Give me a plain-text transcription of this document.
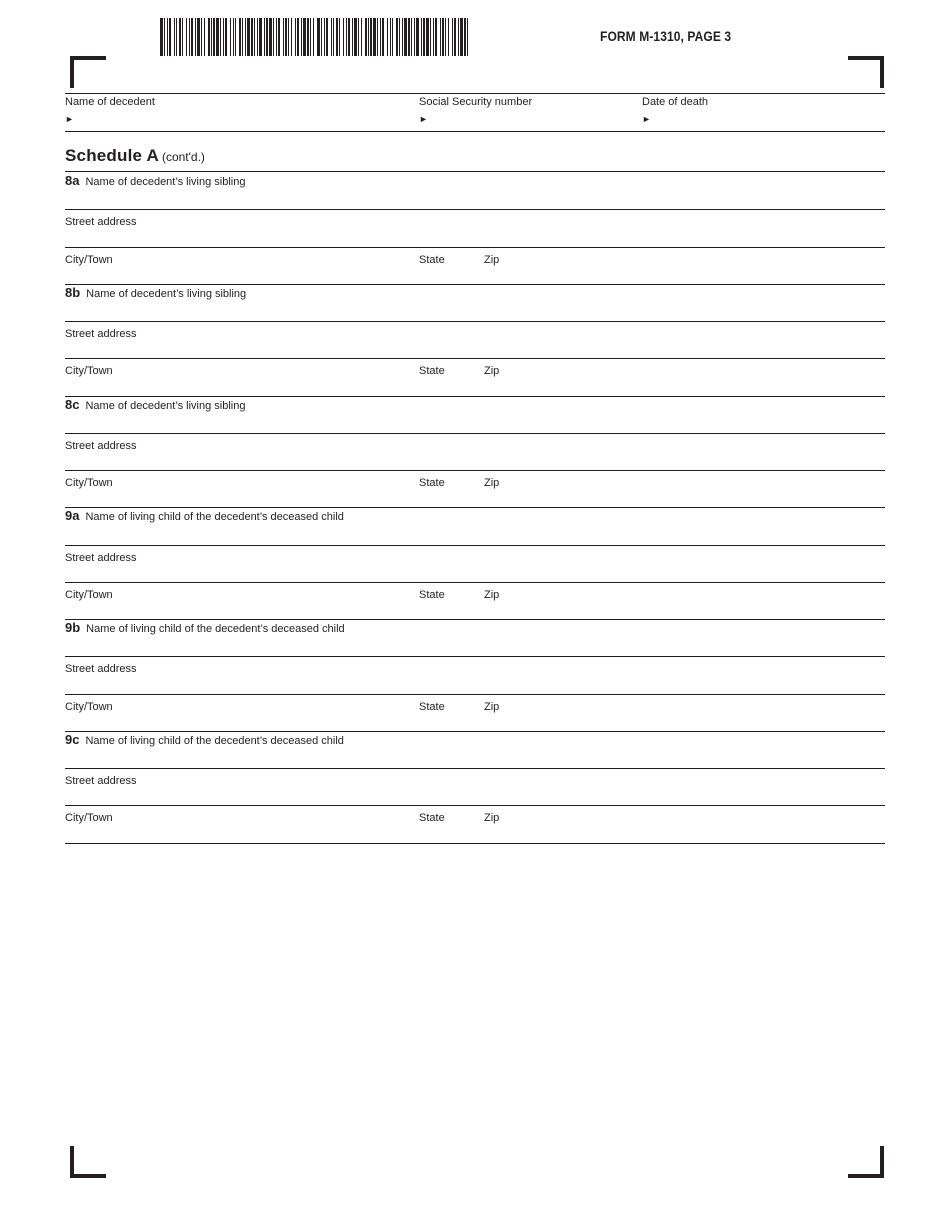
FORM M-1310, PAGE 3
Name of decedent
►
Social Security number
►
Date of death
►
Schedule A (cont'd.)
8a Name of decedent’s living sibling
Street address
City/Town	State	Zip
8b Name of decedent’s living sibling
Street address
City/Town	State	Zip
8c Name of decedent’s living sibling
Street address
City/Town	State	Zip
9a Name of living child of the decedent’s deceased child
Street address
City/Town	State	Zip
9b Name of living child of the decedent’s deceased child
Street address
City/Town	State	Zip
9c Name of living child of the decedent’s deceased child
Street address
City/Town	State	Zip
